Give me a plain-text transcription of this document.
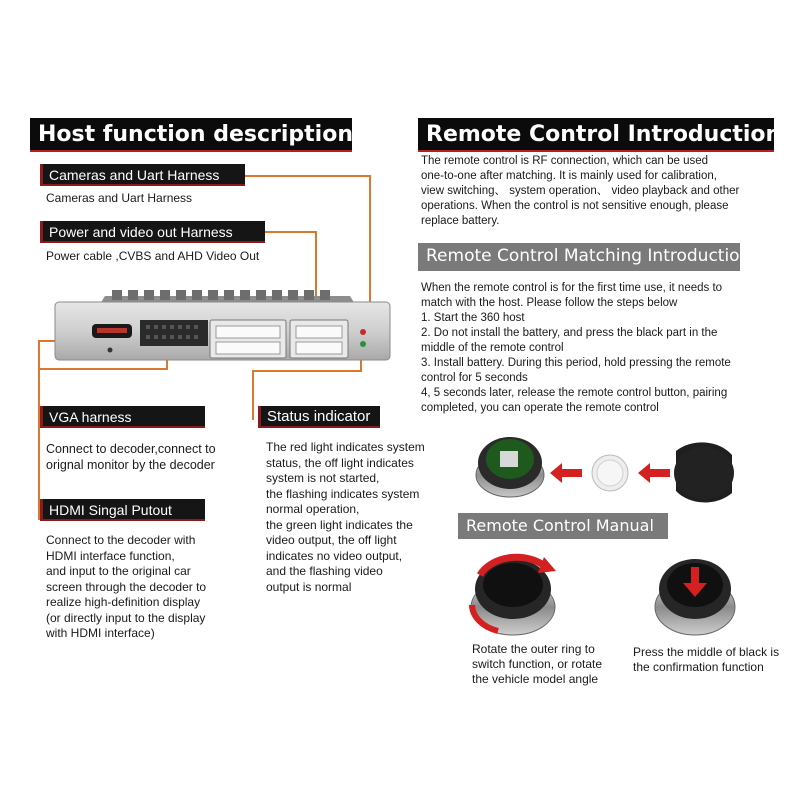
Host function description
Cameras and Uart Harness
Cameras and Uart Harness
Power and video out Harness
Power cable ,CVBS and AHD Video Out
VGA harness
Connect to decoder,connect to
orignal monitor by the decoder
Status indicator
The red light indicates system
status, the off light indicates
system is not started,
the flashing indicates system
normal operation,
the green light indicates the
video output, the off light
indicates no video output,
and the flashing video
output is normal
HDMI Singal Putout
Connect to the decoder with
HDMI interface function,
and input to the original car
screen through the decoder to
realize high-definition display
(or directly input to the display
with HDMI interface)
Remote Control Introduction
The remote control is RF connection, which can be used
one-to-one after matching. It is mainly used for calibration,
view switching、 system operation、 video playback and other
operations. When the control is not sensitive enough, please
replace battery.
Remote Control Matching Introduction
When the remote control is for the first time use, it needs to
match with the host. Please follow the steps below
1. Start the 360 host
2. Do not install the battery, and press the black part in the
middle of the remote control
3. Install battery. During this period, hold pressing the remote
control for 5 seconds
4, 5 seconds later, release the remote control button, pairing
completed, you can operate the remote control
Remote Control Manual
Rotate the outer ring to
switch function, or rotate
the vehicle model angle
Press the middle of black is
the confirmation function
